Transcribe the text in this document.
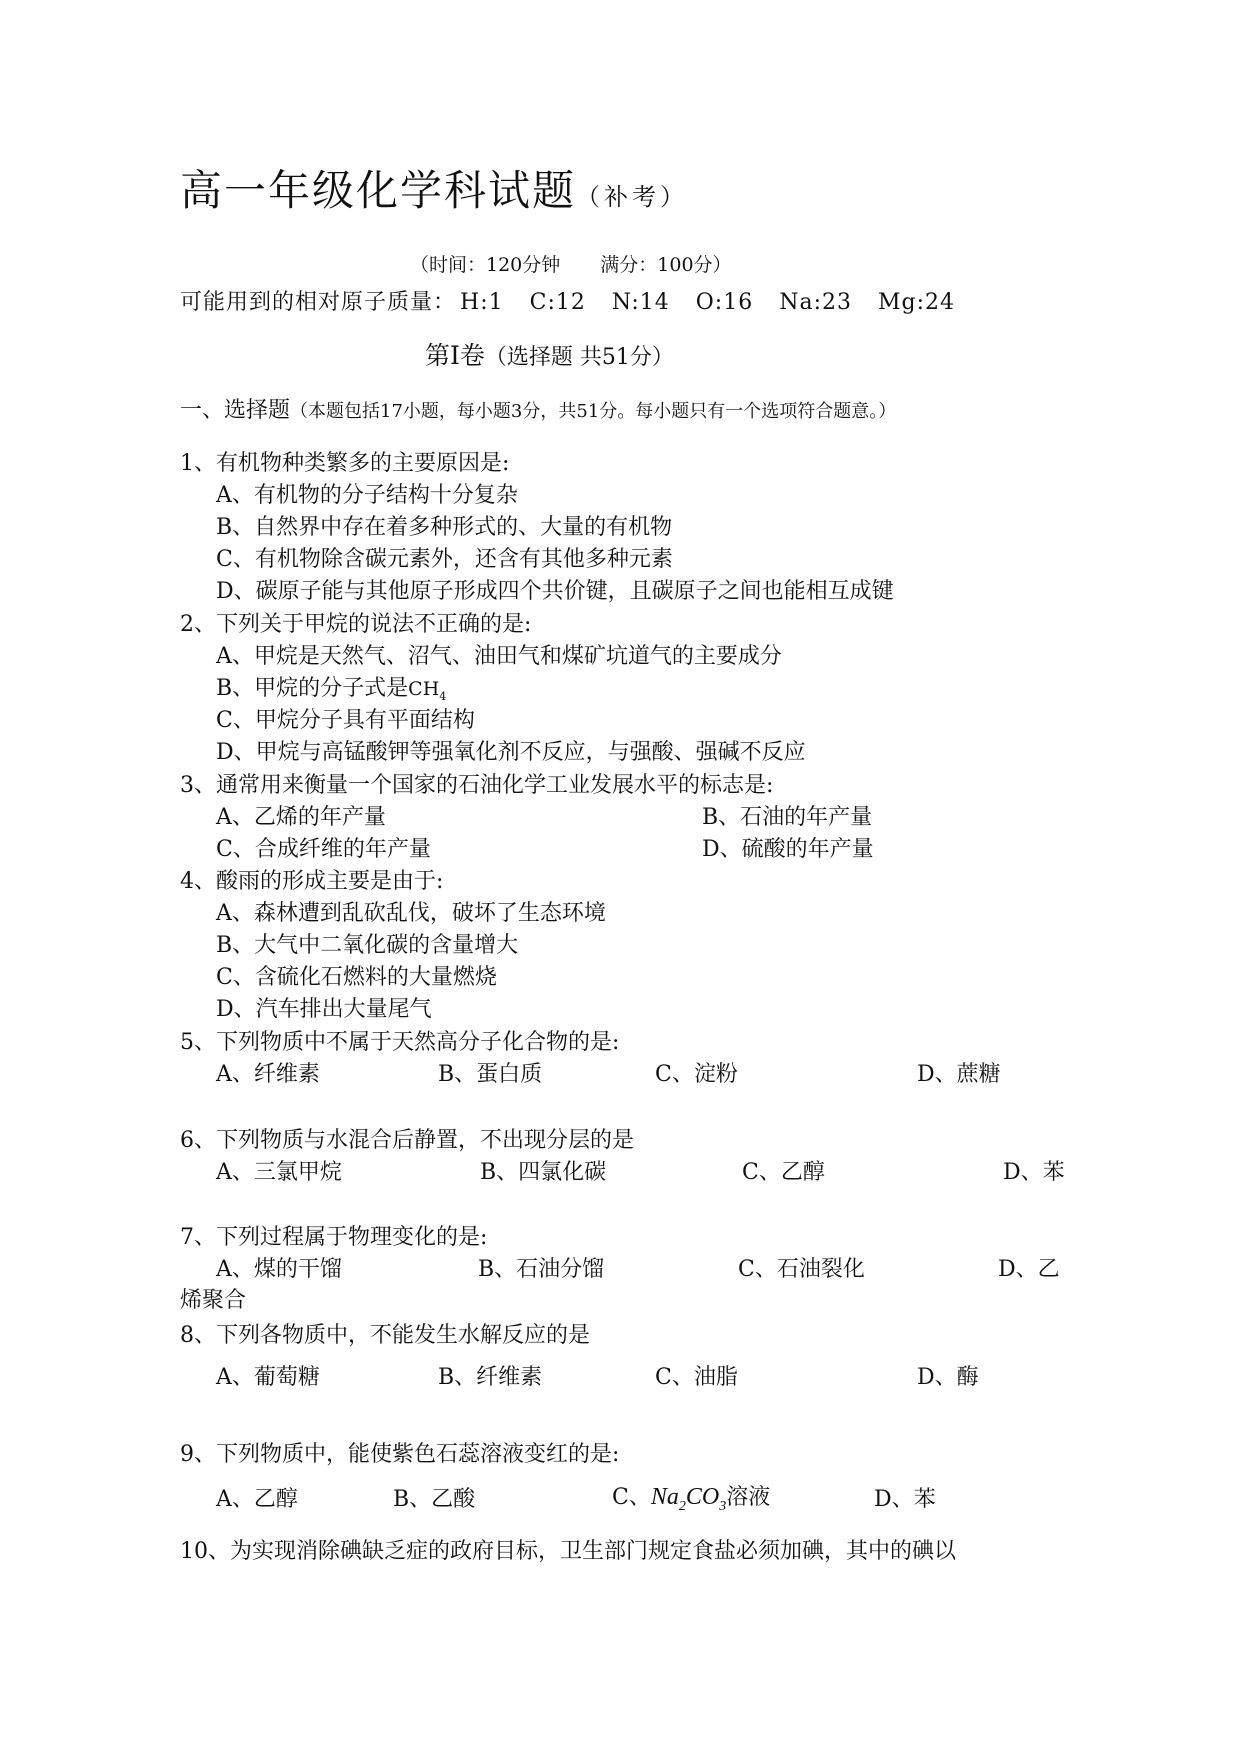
高一年级化学科试题（补考）
（时间：120分钟 满分：100分）
可能用到的相对原子质量： H:1 C:12 N:14 O:16 Na:23 Mg:24
第Ⅰ卷（选择题 共51分）
一、选择题（本题包括17小题，每小题3分，共51分。每小题只有一个选项符合题意。）
1、有机物种类繁多的主要原因是:
A、有机物的分子结构十分复杂
B、自然界中存在着多种形式的、大量的有机物
C、有机物除含碳元素外，还含有其他多种元素
D、碳原子能与其他原子形成四个共价键，且碳原子之间也能相互成键
2、下列关于甲烷的说法不正确的是:
A、甲烷是天然气、沼气、油田气和煤矿坑道气的主要成分
B、甲烷的分子式是$CH_4$
C、甲烷分子具有平面结构
D、甲烷与高锰酸钾等强氧化剂不反应，与强酸、强碱不反应
3、通常用来衡量一个国家的石油化学工业发展水平的标志是:
A、乙烯的年产量	B、石油的年产量
C、合成纤维的年产量	D、硫酸的年产量
4、酸雨的形成主要是由于:
A、森林遭到乱砍乱伐，破坏了生态环境
B、大气中二氧化碳的含量增大
C、含硫化石燃料的大量燃烧
D、汽车排出大量尾气
5、下列物质中不属于天然高分子化合物的是:
A、纤维素	B、蛋白质	C、淀粉	D、蔗糖
6、下列物质与水混合后静置，不出现分层的是
A、三氯甲烷	B、四氯化碳	C、乙醇	D、苯
7、下列过程属于物理变化的是:
A、煤的干馏	B、石油分馏	C、石油裂化	D、乙
烯聚合
8、下列各物质中，不能发生水解反应的是
A、葡萄糖	B、纤维素	C、油脂	D、酶
9、下列物质中，能使紫色石蕊溶液变红的是:
A、乙醇	B、乙酸	C、$Na_2CO_3$溶液	D、苯
10、为实现消除碘缺乏症的政府目标，卫生部门规定食盐必须加碘，其中的碘以
